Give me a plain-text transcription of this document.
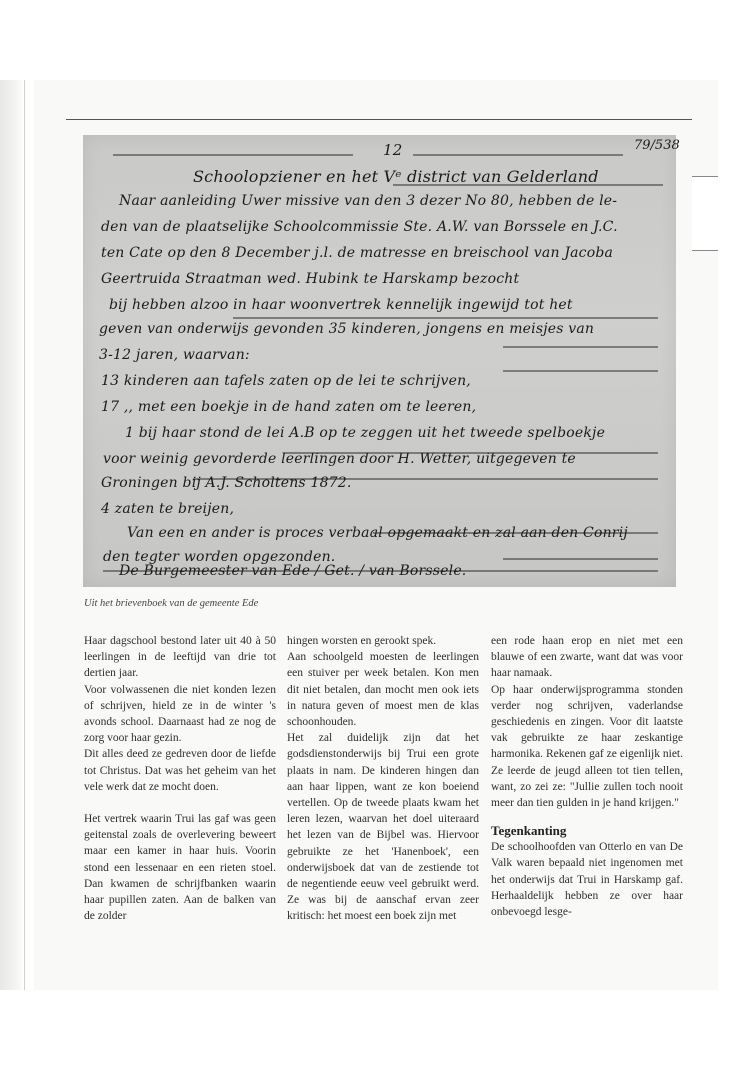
12
Schoolopziener en het Vᵉ district van Gelderland
Naar aanleiding Uwer missive van den 3 dezer No 80, hebben de le-
den van de plaatselijke Schoolcommissie Ste. A.W. van Borssele en J.C.
ten Cate op den 8 December j.l. de matresse en breischool van Jacoba
Geertruida Straatman wed. Hubink te Harskamp bezocht
bij hebben alzoo in haar woonvertrek kennelijk ingewijd tot het
geven van onderwijs gevonden 35 kinderen, jongens en meisjes van
3-12 jaren, waarvan:
13 kinderen aan tafels zaten op de lei te schrijven,
17 ,, met een boekje in de hand zaten om te leeren,
1 bij haar stond de lei A.B op te zeggen uit het tweede spelboekje
voor weinig gevorderde leerlingen door H. Wetter, uitgegeven te
Groningen bij A.J. Scholtens 1872.
4 zaten te breijen,
Van een en ander is proces verbaal opgemaakt en zal aan den Conrij
den tegter worden opgezonden.
De Burgemeester van Ede / Get. / van Borssele.
79/538
Uit het brievenboek van de gemeente Ede

Haar dagschool bestond later uit 40 à 50 leerlingen in de leeftijd van drie tot dertien jaar.

Voor volwassenen die niet konden lezen of schrijven, hield ze in de winter 's avonds school. Daarnaast had ze nog de zorg voor haar gezin.

Dit alles deed ze gedreven door de liefde tot Christus. Dat was het geheim van het vele werk dat ze mocht doen.

Het vertrek waarin Trui las gaf was geen geitenstal zoals de overlevering beweert maar een kamer in haar huis. Voorin stond een lessenaar en een rieten stoel. Dan kwamen de schrijfbanken waarin haar pupillen zaten. Aan de balken van de zolder

hingen worsten en gerookt spek.

Aan schoolgeld moesten de leerlingen een stuiver per week betalen. Kon men dit niet betalen, dan mocht men ook iets in natura geven of moest men de klas schoonhouden.

Het zal duidelijk zijn dat het godsdienstonderwijs bij Trui een grote plaats in nam. De kinderen hingen dan aan haar lippen, want ze kon boeiend vertellen. Op de tweede plaats kwam het leren lezen, waarvan het doel uiteraard het lezen van de Bijbel was. Hiervoor gebruikte ze het 'Hanenboek', een onderwijsboek dat van de zestiende tot de negentiende eeuw veel gebruikt werd. Ze was bij de aanschaf ervan zeer kritisch: het moest een boek zijn met

een rode haan erop en niet met een blauwe of een zwarte, want dat was voor haar namaak.

Op haar onderwijsprogramma stonden verder nog schrijven, vaderlandse geschiedenis en zingen. Voor dit laatste vak gebruikte ze haar zeskantige harmonika. Rekenen gaf ze eigenlijk niet. Ze leerde de jeugd alleen tot tien tellen, want, zo zei ze: "Jullie zullen toch nooit meer dan tien gulden in je hand krijgen."

Tegenkanting

De schoolhoofden van Otterlo en van De Valk waren bepaald niet ingenomen met het onderwijs dat Trui in Harskamp gaf. Herhaaldelijk hebben ze over haar onbevoegd lesge-
